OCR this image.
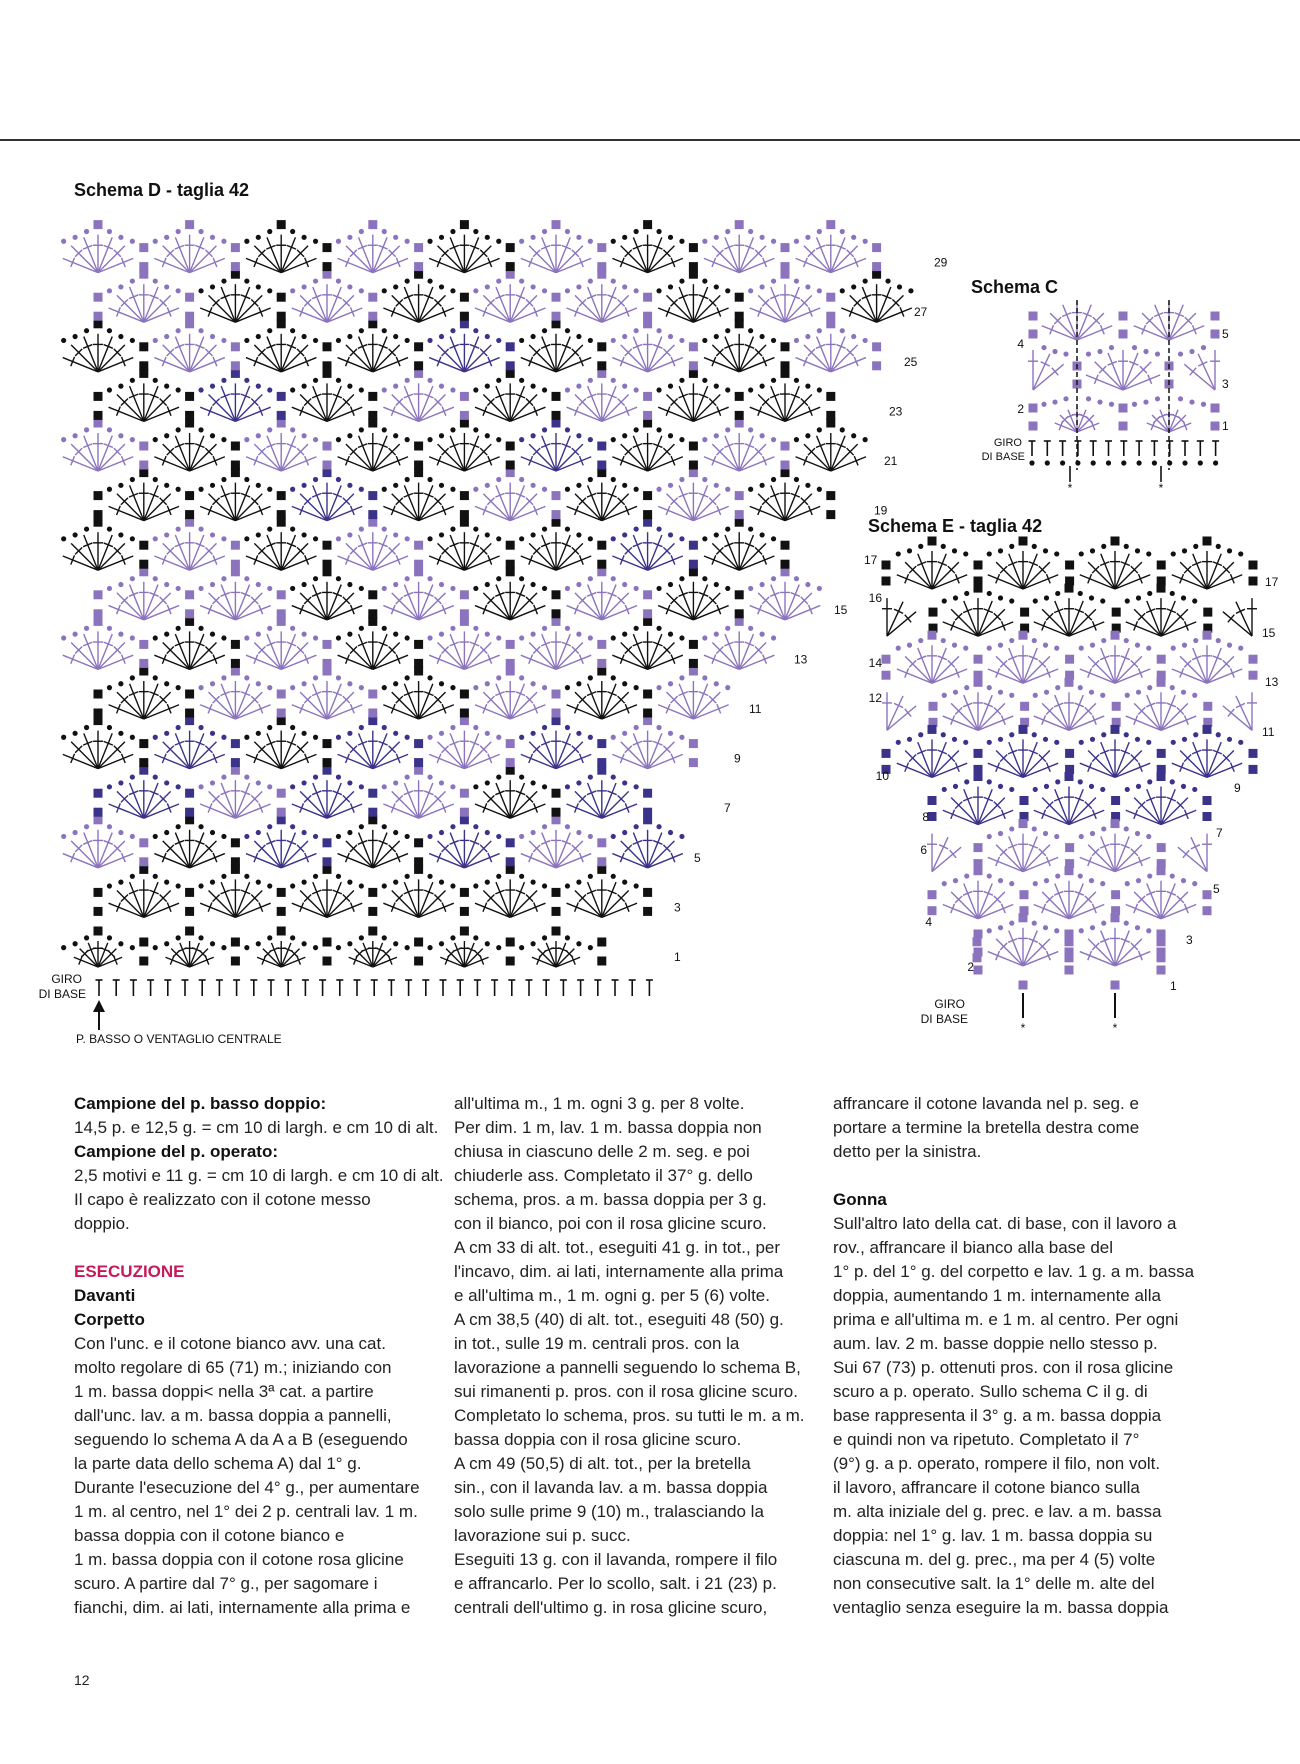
Schema D - taglia 42
Schema C
Schema E - taglia 42
1
3
5
7
9
11
13
15
17
19
21
23
25
27
29
1
3
5
4
2
*	*
17
15
13
11
9
7
5
3
1
2
4
6
8
10
12
14
16
*	*
GIRO
DI BASE
P. BASSO O VENTAGLIO CENTRALE
GIRO
DI BASE
GIRO
DI BASE
Campione del p. basso doppio:
14,5 p. e 12,5 g. = cm 10 di largh. e cm 10 di alt.
Campione del p. operato:
2,5 motivi e 11 g. = cm 10 di largh. e cm 10 di alt.
Il capo è realizzato con il cotone messo
doppio.
ESECUZIONE
Davanti
Corpetto
Con l'unc. e il cotone bianco avv. una cat.
molto regolare di 65 (71) m.; iniziando con
1 m. bassa doppi< nella 3ª cat. a partire
dall'unc. lav. a m. bassa doppia a pannelli,
seguendo lo schema A da A a B (eseguendo
la parte data dello schema A) dal 1° g.
Durante l'esecuzione del 4° g., per aumentare
1 m. al centro, nel 1° dei 2 p. centrali lav. 1 m.
bassa doppia con il cotone bianco e
1 m. bassa doppia con il cotone rosa glicine
scuro. A partire dal 7° g., per sagomare i
fianchi, dim. ai lati, internamente alla prima e
all'ultima m., 1 m. ogni 3 g. per 8 volte.
Per dim. 1 m, lav. 1 m. bassa doppia non
chiusa in ciascuno delle 2 m. seg. e poi
chiuderle ass. Completato il 37° g. dello
schema, pros. a m. bassa doppia per 3 g.
con il bianco, poi con il rosa glicine scuro.
A cm 33 di alt. tot., eseguiti 41 g. in tot., per
l'incavo, dim. ai lati, internamente alla prima
e all'ultima m., 1 m. ogni g. per 5 (6) volte.
A cm 38,5 (40) di alt. tot., eseguiti 48 (50) g.
in tot., sulle 19 m. centrali pros. con la
lavorazione a pannelli seguendo lo schema B,
sui rimanenti p. pros. con il rosa glicine scuro.
Completato lo schema, pros. su tutti le m. a m.
bassa doppia con il rosa glicine scuro.
A cm 49 (50,5) di alt. tot., per la bretella
sin., con il lavanda lav. a m. bassa doppia
solo sulle prime 9 (10) m., tralasciando la
lavorazione sui p. succ.
Eseguiti 13 g. con il lavanda, rompere il filo
e affrancarlo. Per lo scollo, salt. i 21 (23) p.
centrali dell'ultimo g. in rosa glicine scuro,
affrancare il cotone lavanda nel p. seg. e
portare a termine la bretella destra come
detto per la sinistra.
Gonna
Sull'altro lato della cat. di base, con il lavoro a
rov., affrancare il bianco alla base del
1° p. del 1° g. del corpetto e lav. 1 g. a m. bassa
doppia, aumentando 1 m. internamente alla
prima e all'ultima m. e 1 m. al centro. Per ogni
aum. lav. 2 m. basse doppie nello stesso p.
Sui 67 (73) p. ottenuti pros. con il rosa glicine
scuro a p. operato. Sullo schema C il g. di
base rappresenta il 3° g. a m. bassa doppia
e quindi non va ripetuto. Completato il 7°
(9°) g. a p. operato, rompere il filo, non volt.
il lavoro, affrancare il cotone bianco sulla
m. alta iniziale del g. prec. e lav. a m. bassa
doppia: nel 1° g. lav. 1 m. bassa doppia su
ciascuna m. del g. prec., ma per 4 (5) volte
non consecutive salt. la 1° delle m. alte del
ventaglio senza eseguire la m. bassa doppia
12
